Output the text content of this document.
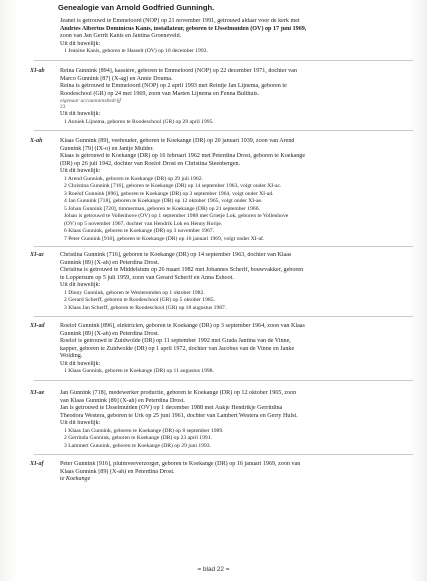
Genealogie van Arnold Godfried Gunningh.
Jeanet is getrouwd te Emmeloord (NOP) op 21 november 1991, getrouwd aldaar voor de kerk met
Andries Albertus Dominicus Kanis, installateur, geboren te IJsselmuiden (OV) op 17 juni 1969,
zoon van Jan Gerrit Kanis en Jantina Groeneveld.
Uit dit huwelijk:
1 Jeanine Kanis, geboren te Hasselt (OV) op 10 december 1993.
XI-ab	Reina Gunnink [894], kassière, geboren te Emmeloord (NOP) op 22 december 1971, dochter van
Marco Gunnink [87] (X-ag) en Annie Douma.
Reina is getrouwd te Emmeloord (NOP) op 2 april 1993 met Reintje Jan Lijnema, geboren te
Roodeschool (GR) op 24 mei 1969, zoon van Marten Lijnema en Fenna Bulthuis.
eigenaar accountantsbedrijf
23
Uit dit huwelijk:
1 Anniek Lijnema, geboren te Roodeschool (GR) op 29 april 1995.
X-ah	Klaas Gunnink [89], veehouder, geboren te Koekange (DR) op 20 januari 1939, zoon van Arend
Gunnink [79] (IX-o) en Jantje Mulder.
Klaas is getrouwd te Koekange (DR) op 16 februari 1962 met Peterdina Drost, geboren te Koekange
(DR) op 26 juli 1942, dochter van Roelof Drost en Christina Steenbergen.
Uit dit huwelijk:
1 Arend Gunnink, geboren te Koekange (DR) op 29 juli 1962.
2 Christina Gunnink [716], geboren te Koekange (DR) op 14 september 1963, volgt onder XI-ac.
3 Roelof Gunnink [896], geboren te Koekange (DR) op 3 september 1964, volgt onder XI-ad.
4 Jan Gunnink [718], geboren te Koekange (DR) op 12 oktober 1965, volgt onder XI-ae.
5 Johan Gunnink [720], timmerman, geboren te Koekange (DR) op 21 september 1966.
Johan is getrouwd te Vollenhove (OV) op 1 september 1988 met Grietje Lok, geboren te Vollenhove
(OV) op 5 november 1967, dochter van Hendrik Lok en Henny Rorije.
6 Klaas Gunnink, geboren te Koekange (DR) op 3 november 1967.
7 Peter Gunnink [916], geboren te Koekange (DR) op 16 januari 1969, volgt onder XI-af.
XI-ac	Christina Gunnink [716], geboren te Koekange (DR) op 14 september 1963, dochter van Klaas
Gunnink [89] (X-ah) en Peterdina Drost.
Christina is getrouwd te Middelstum op 26 maart 1982 met Johannes Scherff, bouwvakker, geboren
te Loppersum op 5 juli 1959, zoon van Gerard Scherff en Anna Eshoot.
Uit dit huwelijk:
1 Dinny Gunnink, geboren te Westeremden op 1 oktober 1982.
2 Gerard Scherff, geboren te Roodeschool (GR) op 5 oktober 1985.
3 Klaas Jan Scherff, geboren te Roodeschool (GR) op 18 augustus 1987.
XI-ad	Roelof Gunnink [896], elektricien, geboren te Koekange (DR) op 3 september 1964, zoon van Klaas
Gunnink [89] (X-ah) en Peterdina Drost.
Roelof is getrouwd te Zuidwolde (DR) op 11 september 1992 met Grada Jantina van de Vinne,
kapper, geboren te Zuidwolde (DR) op 1 april 1972, dochter van Jacobus van de Vinne en Janke
Wolding.
Uit dit huwelijk:
1 Klaas Gunnink, geboren te Koekange (DR) op 11 augustus 1998.
XI-ae	Jan Gunnink [718], medewerker productie, geboren te Koekange (DR) op 12 oktober 1965, zoon
van Klaas Gunnink [89] (X-ah) en Peterdina Drost.
Jan is getrouwd te IJsselmuiden (OV) op 1 december 1988 met Aukje Hendrikje Gerritdina
Theodora Westera, geboren te Urk op 25 juni 1961, dochter van Lambert Westera en Gerry Hulst.
Uit dit huwelijk:
1 Klaas Jan Gunnink, geboren te Koekange (DR) op 8 september 1989.
2 Gerrinda Gunnink, geboren te Koekange (DR) op 23 april 1991.
3 Lammert Gunnink, geboren te Koekange (DR) op 29 juni 1993.
XI-af	Peter Gunnink [916], pluimveeverzorger, geboren te Koekange (DR) op 16 januari 1969, zoon van
Klaas Gunnink [89] (X-ah) en Peterdina Drost.
te Koekange
= blad 22 =
